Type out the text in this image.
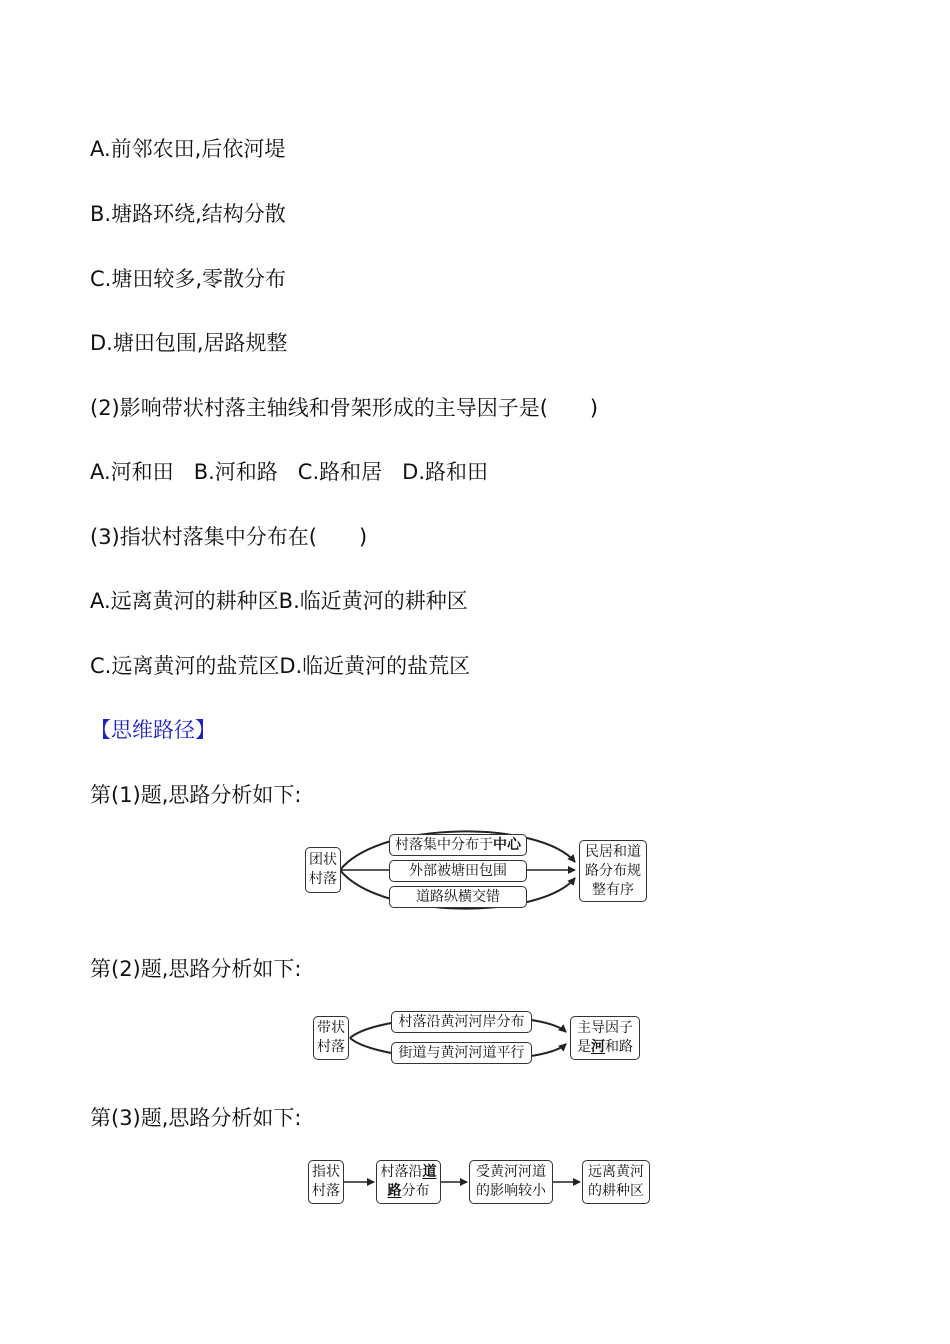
A.前邻农田,后依河堤
B.塘路环绕,结构分散
C.塘田较多,零散分布
D.塘田包围,居路规整
(2)影响带状村落主轴线和骨架形成的主导因子是(　　)
A.河和田   B.河和路   C.路和居   D.路和田
(3)指状村落集中分布在(　　)
A.远离黄河的耕种区B.临近黄河的耕种区
C.远离黄河的盐荒区D.临近黄河的盐荒区
【思维路径】
第(1)题,思路分析如下:
团状
村落
村落集中分布于中心
外部被塘田包围
道路纵横交错
民居和道
路分布规
整有序
第(2)题,思路分析如下:
带状
村落
村落沿黄河河岸分布
街道与黄河河道平行
主导因子
是河和路
第(3)题,思路分析如下:
指状
村落
村落沿道
路分布
受黄河河道
的影响较小
远离黄河
的耕种区
